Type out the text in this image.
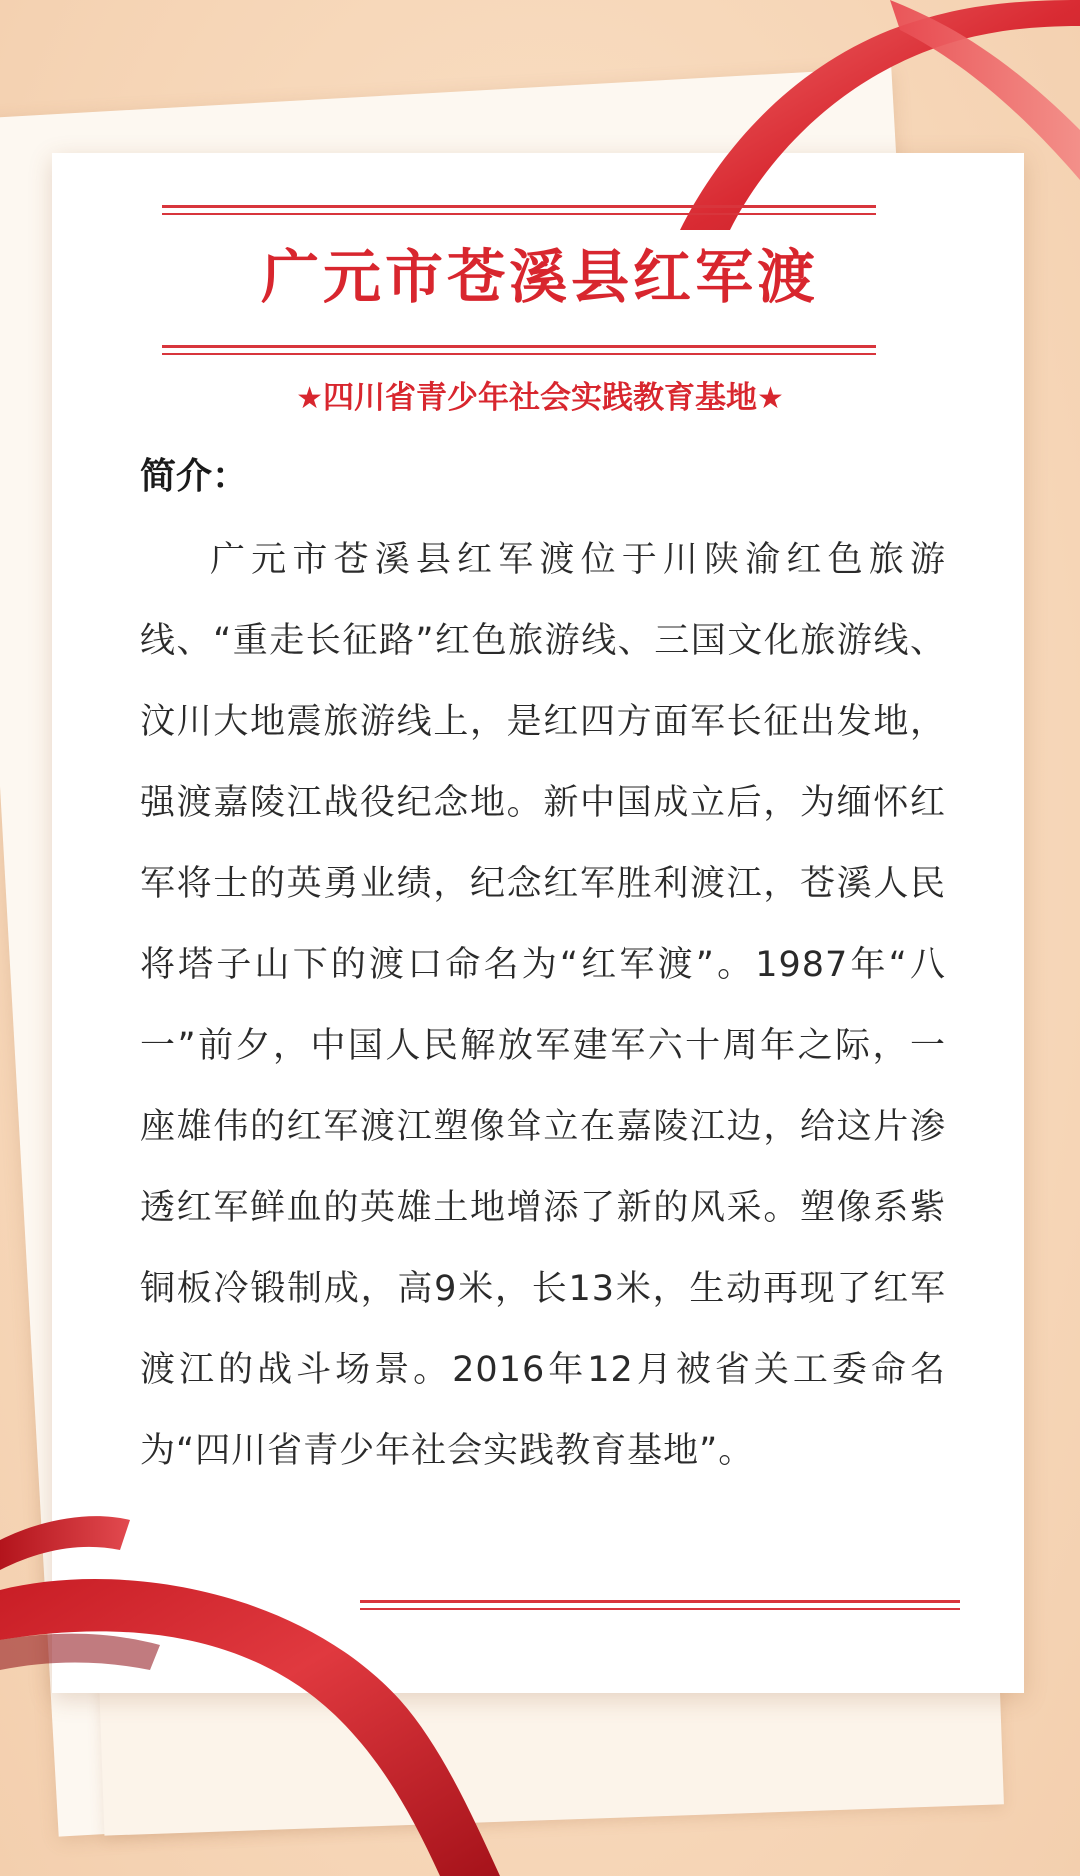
广元市苍溪县红军渡

★四川省青少年社会实践教育基地★

简介：

广元市苍溪县红军渡位于川陕渝红色旅游线、“重走长征路”红色旅游线、三国文化旅游线、汶川大地震旅游线上，是红四方面军长征出发地，强渡嘉陵江战役纪念地。新中国成立后，为缅怀红军将士的英勇业绩，纪念红军胜利渡江，苍溪人民将塔子山下的渡口命名为“红军渡”。1987年“八一”前夕，中国人民解放军建军六十周年之际，一座雄伟的红军渡江塑像耸立在嘉陵江边，给这片渗透红军鲜血的英雄土地增添了新的风采。塑像系紫铜板冷锻制成，高9米，长13米，生动再现了红军渡江的战斗场景。2016年12月被省关工委命名为“四川省青少年社会实践教育基地”。
